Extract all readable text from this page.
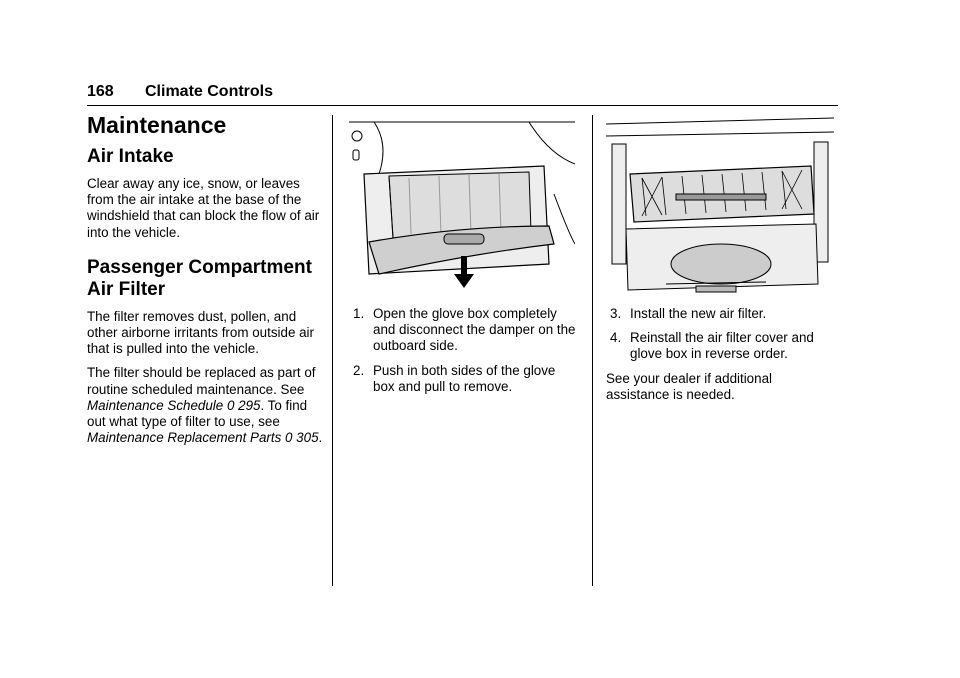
168 Climate Controls
Maintenance
Air Intake

Clear away any ice, snow, or leaves from the air intake at the base of the windshield that can block the flow of air into the vehicle.

Passenger Compartment
Air Filter

The filter removes dust, pollen, and other airborne irritants from outside air that is pulled into the vehicle.

The filter should be replaced as part of routine scheduled maintenance. See Maintenance Schedule 0 295. To find out what type of filter to use, see Maintenance Replacement Parts 0 305.

1. Open the glove box completely and disconnect the damper on the outboard side.
2. Push in both sides of the glove box and pull to remove.
3. Install the new air filter.
4. Reinstall the air filter cover and glove box in reverse order.

See your dealer if additional assistance is needed.
